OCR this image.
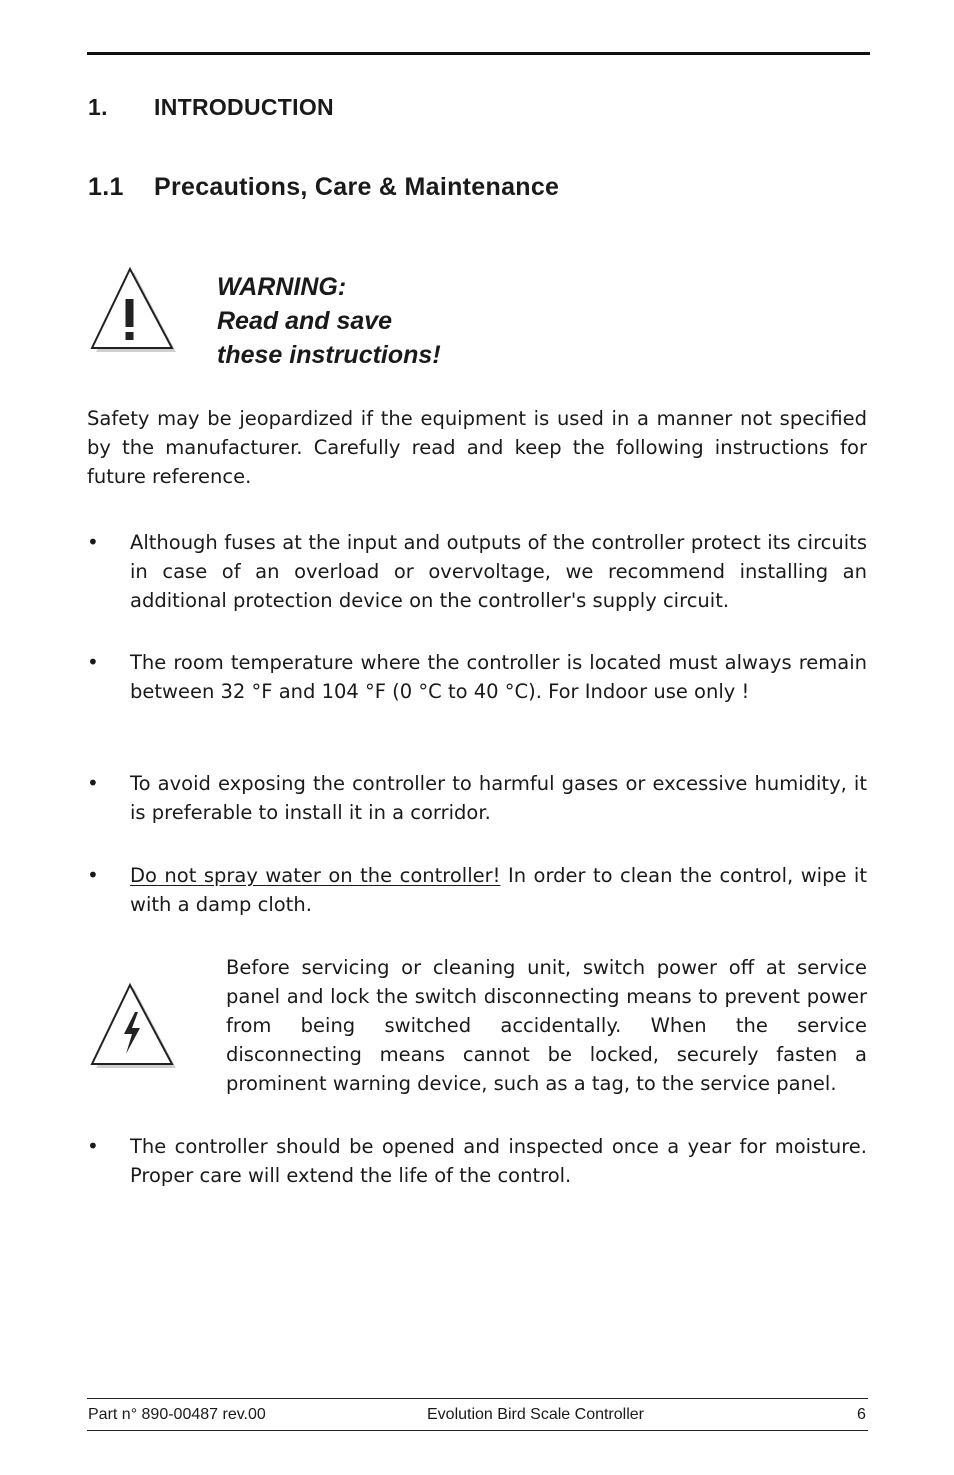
1. INTRODUCTION
1.1 Precautions, Care & Maintenance
WARNING:
Read and save
these instructions!
Safety may be jeopardized if the equipment is used in a manner not specified by the manufacturer. Carefully read and keep the following instructions for future reference.
• Although fuses at the input and outputs of the controller protect its circuits in case of an overload or overvoltage, we recommend installing an additional protection device on the controller's supply circuit.
• The room temperature where the controller is located must always remain between 32 °F and 104 °F (0 °C to 40 °C). For Indoor use only !
• To avoid exposing the controller to harmful gases or excessive humidity, it is preferable to install it in a corridor.
• Do not spray water on the controller! In order to clean the control, wipe it with a damp cloth.
Before servicing or cleaning unit, switch power off at service panel and lock the switch disconnecting means to prevent power from being switched accidentally. When the service disconnecting means cannot be locked, securely fasten a prominent warning device, such as a tag, to the service panel.
• The controller should be opened and inspected once a year for moisture. Proper care will extend the life of the control.
Part n° 890-00487 rev.00	Evolution Bird Scale Controller	6
